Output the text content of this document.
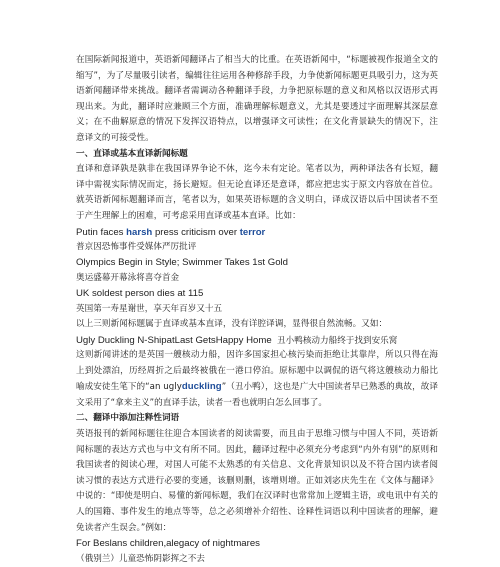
在国际新闻报道中，英语新闻翻译占了相当大的比重。在英语新闻中，“标题被视作报道全文的缩写”，为了尽量吸引读者，编辑往往运用各种修辞手段，力争使新闻标题更具吸引力，这为英语新闻翻译带来挑战。翻译者需调动各种翻译手段，力争把原标题的意义和风格以汉语形式再现出来。为此，翻译时应兼顾三个方面，准确理解标题意义，尤其是要透过字面理解其深层意义；在不曲解原意的情况下发挥汉语特点，以增强译文可读性；在文化背景缺失的情况下，注意译文的可接受性。

一、直译或基本直译新闻标题

直译和意译孰是孰非在我国译界争论不休，迄今未有定论。笔者以为，两种译法各有长短，翻译中需视实际情况而定，扬长避短。但无论直译还是意译，都应把忠实于原文内容放在首位。就英语新闻标题翻译而言，笔者以为，如果英语标题的含义明白，译成汉语以后中国读者不至于产生理解上的困难，可考虑采用直译或基本直译。比如：

Putin faces harsh press criticism over terror

普京因恐怖事件受媒体严厉批评

Olympics Begin in Style; Swimmer Takes 1st Gold

奥运盛幕开幕泳将喜夺首金

UK soldest person dies at 115

英国第一寿星谢世，享天年百岁又十五

以上三则新闻标题属于直译或基本直译，没有详腔译调，显得很自然流畅。又如：

Ugly Duckling N-ShipatLast GetsHappy Home 丑小鸭核动力船终于找到安乐窝

这则新闻讲述的是英国一艘核动力船，因许多国家担心核污染而拒绝让其靠岸，所以只得在海上到处漂泊，历经周折之后最终被俄在一港口停泊。原标题中以调侃的语气将这艘核动力船比喻成安徒生笔下的“an uglyduckling”（丑小鸭），这也是广大中国读者早已熟悉的典故，故译文采用了“拿来主义”的直译手法，读者一看也就明白怎么回事了。

二、翻译中添加注释性词语

英语报刊的新闻标题往往迎合本国读者的阅读需要，而且由于思维习惯与中国人不同，英语新闻标题的表达方式也与中文有所不同。因此，翻译过程中必须充分考虑到“内外有别”的原则和我国读者的阅读心理，对国人可能不太熟悉的有关信息、文化背景知识以及不符合国内读者阅读习惯的表达方式进行必要的变通，该删则删，该增则增。正如刘宓庆先生在《文体与翻译》中说的：“即使是明白、易懂的新闻标题，我们在汉译时也常常加上逻辑主语，或电讯中有关的人的国籍、事件发生的地点等等，总之必须增补介绍性、诠释性词语以利中国读者的理解，避免读者产生误会。”例如：

For Beslans children,alegacy of nightmares

（俄别兰）儿童恐怖阴影挥之不去
